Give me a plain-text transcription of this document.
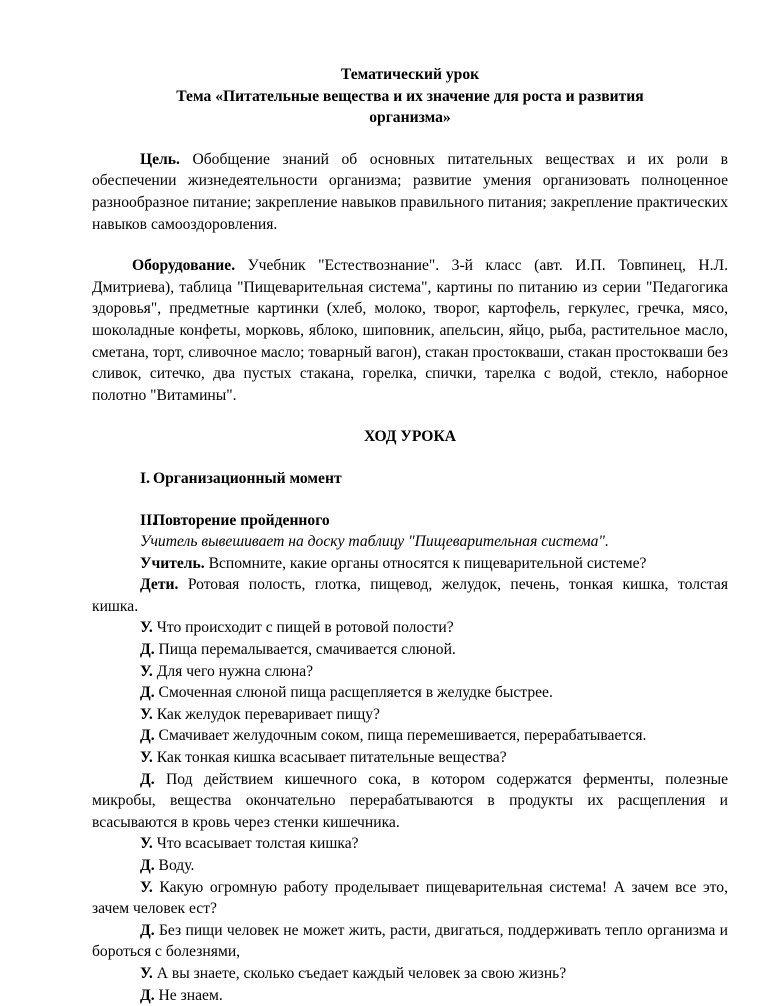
Тематический урок

Тема «Питательные вещества и их значение для роста и развития

организма»

Цель. Обобщение знаний об основных питательных веществах и их роли в обеспечении жизнедеятельности организма; развитие умения организовать полноценное разнообразное питание; закрепление навыков правильного питания; закрепление практических навыков самооздоровления.

Оборудование. Учебник "Естествознание". 3-й класс (авт. И.П. Товпинец, Н.Л. Дмитриева), таблица "Пищеварительная система", картины по питанию из серии "Педагогика здоровья", предметные картинки (хлеб, молоко, творог, картофель, геркулес, гречка, мясо, шоколадные конфеты, морковь, яблоко, шиповник, апельсин, яйцо, рыба, растительное масло, сметана, торт, сливочное масло; товарный вагон), стакан простокваши, стакан простокваши без сливок, ситечко, два пустых стакана, горелка, спички, тарелка с водой, стекло, наборное полотно "Витамины".

ХОД УРОКА

I. Организационный момент

II.Повторение пройденного

Учитель вывешивает на доску таблицу "Пищеварительная система".

Учитель. Вспомните, какие органы относятся к пищеварительной системе?

Дети. Ротовая полость, глотка, пищевод, желудок, печень, тонкая кишка, толстая кишка.

У. Что происходит с пищей в ротовой полости?

Д. Пища перемалывается, смачивается слюной.

У. Для чего нужна слюна?

Д. Смоченная слюной пища расщепляется в желудке быстрее.

У. Как желудок переваривает пищу?

Д. Смачивает желудочным соком, пища перемешивается, перерабатывается.

У. Как тонкая кишка всасывает питательные вещества?

Д. Под действием кишечного сока, в котором содержатся ферменты, полезные микробы, вещества окончательно перерабатываются в продукты их расщепления и всасываются в кровь через стенки кишечника.

У. Что всасывает толстая кишка?

Д. Воду.

У. Какую огромную работу проделывает пищеварительная система! А зачем все это, зачем человек ест?

Д. Без пищи человек не может жить, расти, двигаться, поддерживать тепло организма и бороться с болезнями,

У. А вы знаете, сколько съедает каждый человек за свою жизнь?

Д. Не знаем.
